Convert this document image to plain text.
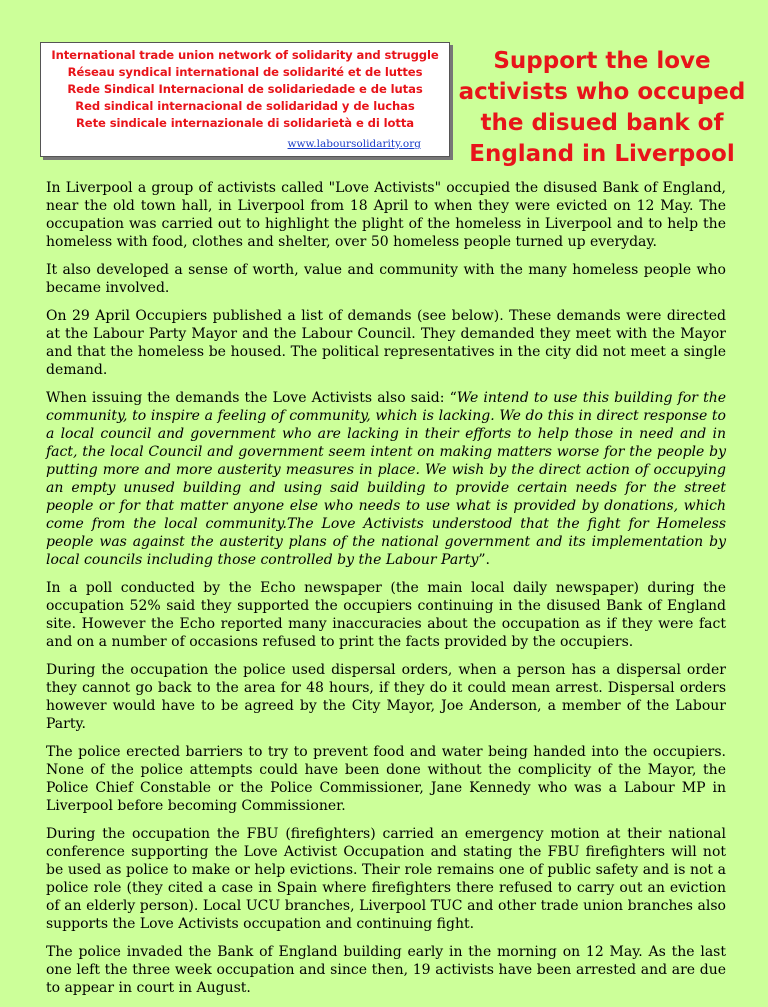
International trade union network of solidarity and struggle
Réseau syndical international de solidarité et de luttes
Rede Sindical Internacional de solidariedade e de lutas
Red sindical internacional de solidaridad y de luchas
Rete sindicale internazionale di solidarietà e di lotta
www.laboursolidarity.org
Support the love
activists who occuped
the disued bank of
England in Liverpool

In Liverpool a group of activists called "Love Activists" occupied the disused Bank of England, near the old town hall, in Liverpool from 18 April to when they were evicted on 12 May. The occupation was carried out to highlight the plight of the homeless in Liverpool and to help the homeless with food, clothes and shelter, over 50 homeless people turned up everyday.

It also developed a sense of worth, value and community with the many homeless people who became involved.

On 29 April Occupiers published a list of demands (see below). These demands were directed at the Labour Party Mayor and the Labour Council. They demanded they meet with the Mayor and that the homeless be housed. The political representatives in the city did not meet a single demand.

When issuing the demands the Love Activists also said: “We intend to use this building for the community, to inspire a feeling of community, which is lacking. We do this in direct response to a local council and government who are lacking in their efforts to help those in need and in fact, the local Council and government seem intent on making matters worse for the people by putting more and more austerity measures in place. We wish by the direct action of occupying an empty unused building and using said building to provide certain needs for the street people or for that matter anyone else who needs to use what is provided by donations, which come from the local community.The Love Activists understood that the fight for Homeless people was against the austerity plans of the national government and its implementation by local councils including those controlled by the Labour Party”.

In a poll conducted by the Echo newspaper (the main local daily newspaper) during the occupation 52% said they supported the occupiers continuing in the disused Bank of England site. However the Echo reported many inaccuracies about the occupation as if they were fact and on a number of occasions refused to print the facts provided by the occupiers.

During the occupation the police used dispersal orders, when a person has a dispersal order they cannot go back to the area for 48 hours, if they do it could mean arrest. Dispersal orders however would have to be agreed by the City Mayor, Joe Anderson, a member of the Labour Party.

The police erected barriers to try to prevent food and water being handed into the occupiers. None of the police attempts could have been done without the complicity of the Mayor, the Police Chief Constable or the Police Commissioner, Jane Kennedy who was a Labour MP in Liverpool before becoming Commissioner.

During the occupation the FBU (firefighters) carried an emergency motion at their national conference supporting the Love Activist Occupation and stating the FBU firefighters will not be used as police to make or help evictions. Their role remains one of public safety and is not a police role (they cited a case in Spain where firefighters there refused to carry out an eviction of an elderly person). Local UCU branches, Liverpool TUC and other trade union branches also supports the Love Activists occupation and continuing fight.

The police invaded the Bank of England building early in the morning on 12 May. As the last one left the three week occupation and since then, 19 activists have been arrested and are due to appear in court in August.
